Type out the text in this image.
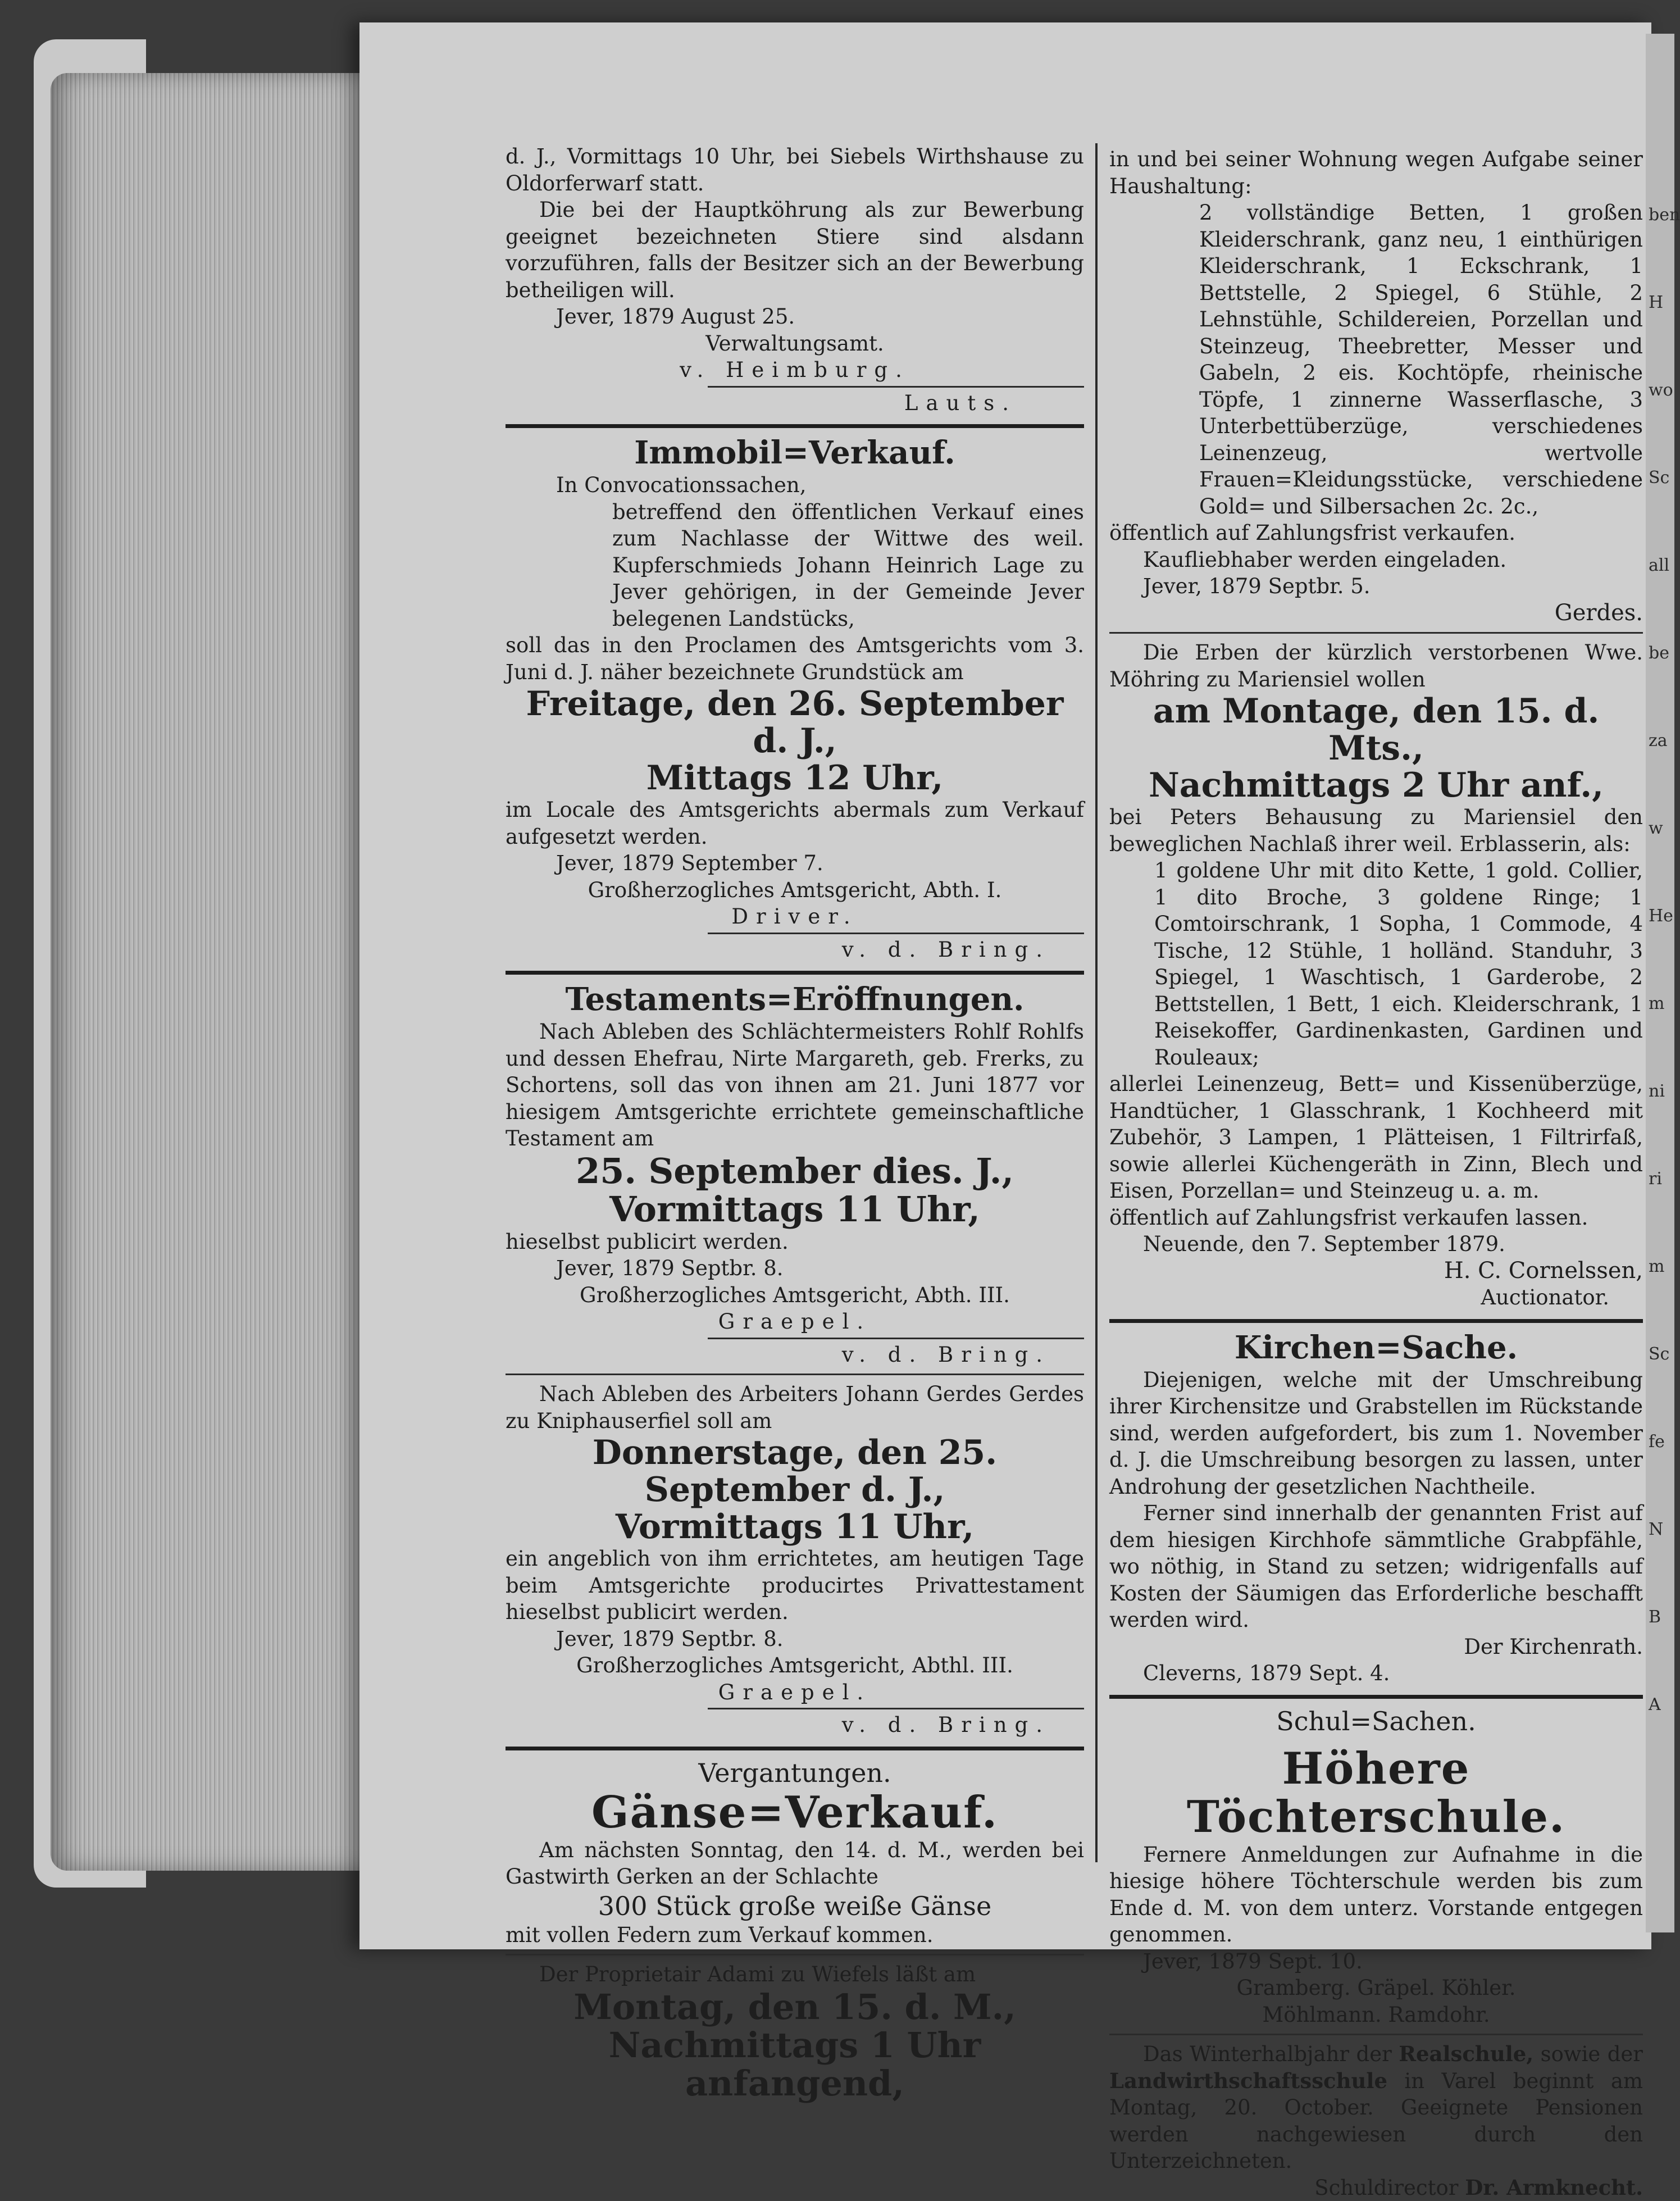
ben
H
wo
Sc
all
be
za
w
He
m
ni
ri
m
Sc
fe
N
B
A

d. J., Vormittags 10 Uhr, bei Siebels Wirthshause zu Oldorferwarf statt.

Die bei der Hauptköhrung als zur Bewerbung geeignet bezeichneten Stiere sind alsdann vorzuführen, falls der Besitzer sich an der Bewerbung betheiligen will.

Jever, 1879 August 25.

Verwaltungsamt.

v. Heimburg.

Lauts.

Immobil=Verkauf.

In Convocationssachen,

betreffend den öffentlichen Verkauf eines zum Nachlasse der Wittwe des weil. Kupferschmieds Johann Heinrich Lage zu Jever gehörigen, in der Gemeinde Jever belegenen Landstücks,

soll das in den Proclamen des Amtsgerichts vom 3. Juni d. J. näher bezeichnete Grundstück am

Freitage, den 26. September d. J.,

Mittags 12 Uhr,

im Locale des Amtsgerichts abermals zum Verkauf aufgesetzt werden.

Jever, 1879 September 7.

Großherzogliches Amtsgericht, Abth. I.

Driver.

v. d. Bring.

Testaments=Eröffnungen.

Nach Ableben des Schlächtermeisters Rohlf Rohlfs und dessen Ehefrau, Nirte Margareth, geb. Frerks, zu Schortens, soll das von ihnen am 21. Juni 1877 vor hiesigem Amtsgerichte errichtete gemeinschaftliche Testament am

25. September dies. J.,

Vormittags 11 Uhr,

hieselbst publicirt werden.

Jever, 1879 Septbr. 8.

Großherzogliches Amtsgericht, Abth. III.

Graepel.

v. d. Bring.

Nach Ableben des Arbeiters Johann Gerdes Gerdes zu Kniphauserfiel soll am

Donnerstage, den 25. September d. J.,

Vormittags 11 Uhr,

ein angeblich von ihm errichtetes, am heutigen Tage beim Amtsgerichte producirtes Privattestament hieselbst publicirt werden.

Jever, 1879 Septbr. 8.

Großherzogliches Amtsgericht, Abthl. III.

Graepel.

v. d. Bring.

Vergantungen.

Gänse=Verkauf.

Am nächsten Sonntag, den 14. d. M., werden bei Gastwirth Gerken an der Schlachte

300 Stück große weiße Gänse

mit vollen Federn zum Verkauf kommen.

Der Proprietair Adami zu Wiefels läßt am

Montag, den 15. d. M.,

Nachmittags 1 Uhr anfangend,

in und bei seiner Wohnung wegen Aufgabe seiner Haushaltung:

2 vollständige Betten, 1 großen Kleiderschrank, ganz neu, 1 einthürigen Kleiderschrank, 1 Eckschrank, 1 Bettstelle, 2 Spiegel, 6 Stühle, 2 Lehnstühle, Schildereien, Porzellan und Steinzeug, Theebretter, Messer und Gabeln, 2 eis. Kochtöpfe, rheinische Töpfe, 1 zinnerne Wasserflasche, 3 Unterbettüberzüge, verschiedenes Leinenzeug, wertvolle Frauen=Kleidungsstücke, verschiedene Gold= und Silbersachen 2c. 2c.,

öffentlich auf Zahlungsfrist verkaufen.

Kaufliebhaber werden eingeladen.

Jever, 1879 Septbr. 5.

Gerdes.

Die Erben der kürzlich verstorbenen Wwe. Möhring zu Mariensiel wollen

am Montage, den 15. d. Mts.,

Nachmittags 2 Uhr anf.,

bei Peters Behausung zu Mariensiel den beweglichen Nachlaß ihrer weil. Erblasserin, als:

1 goldene Uhr mit dito Kette, 1 gold. Collier, 1 dito Broche, 3 goldene Ringe; 1 Comtoirschrank, 1 Sopha, 1 Commode, 4 Tische, 12 Stühle, 1 holländ. Standuhr, 3 Spiegel, 1 Waschtisch, 1 Garderobe, 2 Bettstellen, 1 Bett, 1 eich. Kleiderschrank, 1 Reisekoffer, Gardinenkasten, Gardinen und Rouleaux;

allerlei Leinenzeug, Bett= und Kissenüberzüge, Handtücher, 1 Glasschrank, 1 Kochheerd mit Zubehör, 3 Lampen, 1 Plätteisen, 1 Filtrirfaß, sowie allerlei Küchengeräth in Zinn, Blech und Eisen, Porzellan= und Steinzeug u. a. m.

öffentlich auf Zahlungsfrist verkaufen lassen.

Neuende, den 7. September 1879.

H. C. Cornelssen,

Auctionator.

Kirchen=Sache.

Diejenigen, welche mit der Umschreibung ihrer Kirchensitze und Grabstellen im Rückstande sind, werden aufgefordert, bis zum 1. November d. J. die Umschreibung besorgen zu lassen, unter Androhung der gesetzlichen Nachtheile.

Ferner sind innerhalb der genannten Frist auf dem hiesigen Kirchhofe sämmtliche Grabpfähle, wo nöthig, in Stand zu setzen; widrigenfalls auf Kosten der Säumigen das Erforderliche beschafft werden wird.

Der Kirchenrath.

Cleverns, 1879 Sept. 4.

Schul=Sachen.

Höhere Töchterschule.

Fernere Anmeldungen zur Aufnahme in die hiesige höhere Töchterschule werden bis zum Ende d. M. von dem unterz. Vorstande entgegen genommen.

Jever, 1879 Sept. 10.

Gramberg. Gräpel. Köhler.

Möhlmann. Ramdohr.

Das Winterhalbjahr der Realschule, sowie der Landwirthschaftsschule in Varel beginnt am Montag, 20. October. Geeignete Pensionen werden nachgewiesen durch den Unterzeichneten.

Schuldirector Dr. Armknecht.
